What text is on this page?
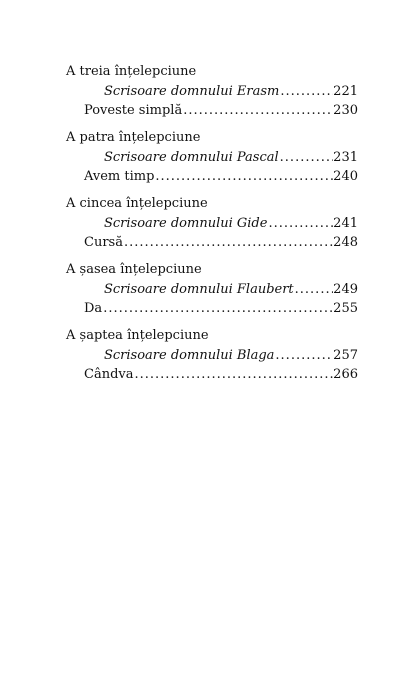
A treia înțelepciune
Scrisoare domnului Erasm .....	221
Poveste simplă .....	230
A patra înțelepciune
Scrisoare domnului Pascal .....	231
Avem timp .....	240
A cincea înțelepciune
Scrisoare domnului Gide .....	241
Cursă .....	248
A șasea înțelepciune
Scrisoare domnului Flaubert .....	249
Da .....	255
A șaptea înțelepciune
Scrisoare domnului Blaga .....	257
Cândva .....	266
